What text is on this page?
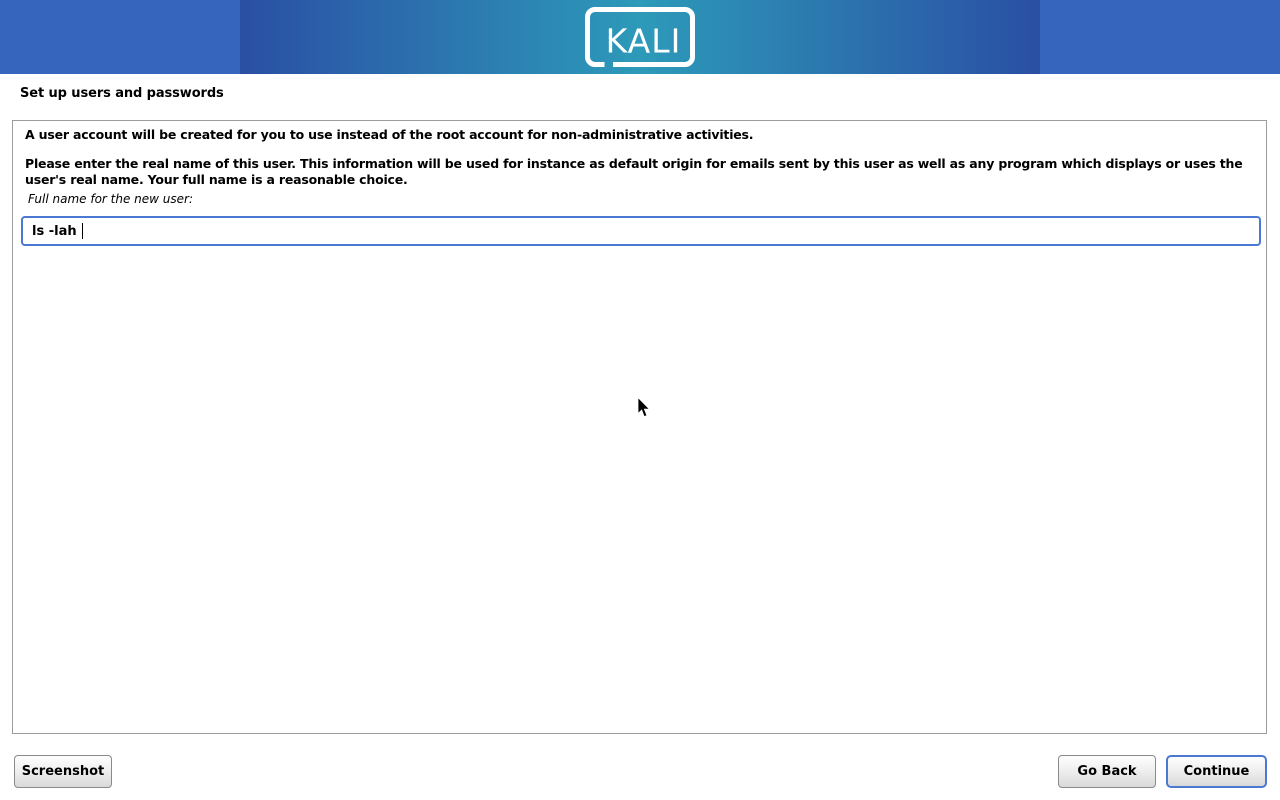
KALI
Set up users and passwords
A user account will be created for you to use instead of the root account for non-administrative activities.
Please enter the real name of this user. This information will be used for instance as default origin for emails sent by this user as well as any program which displays or uses the user's real name. Your full name is a reasonable choice.
Full name for the new user:
ls -lah
Screenshot	Go Back	Continue
